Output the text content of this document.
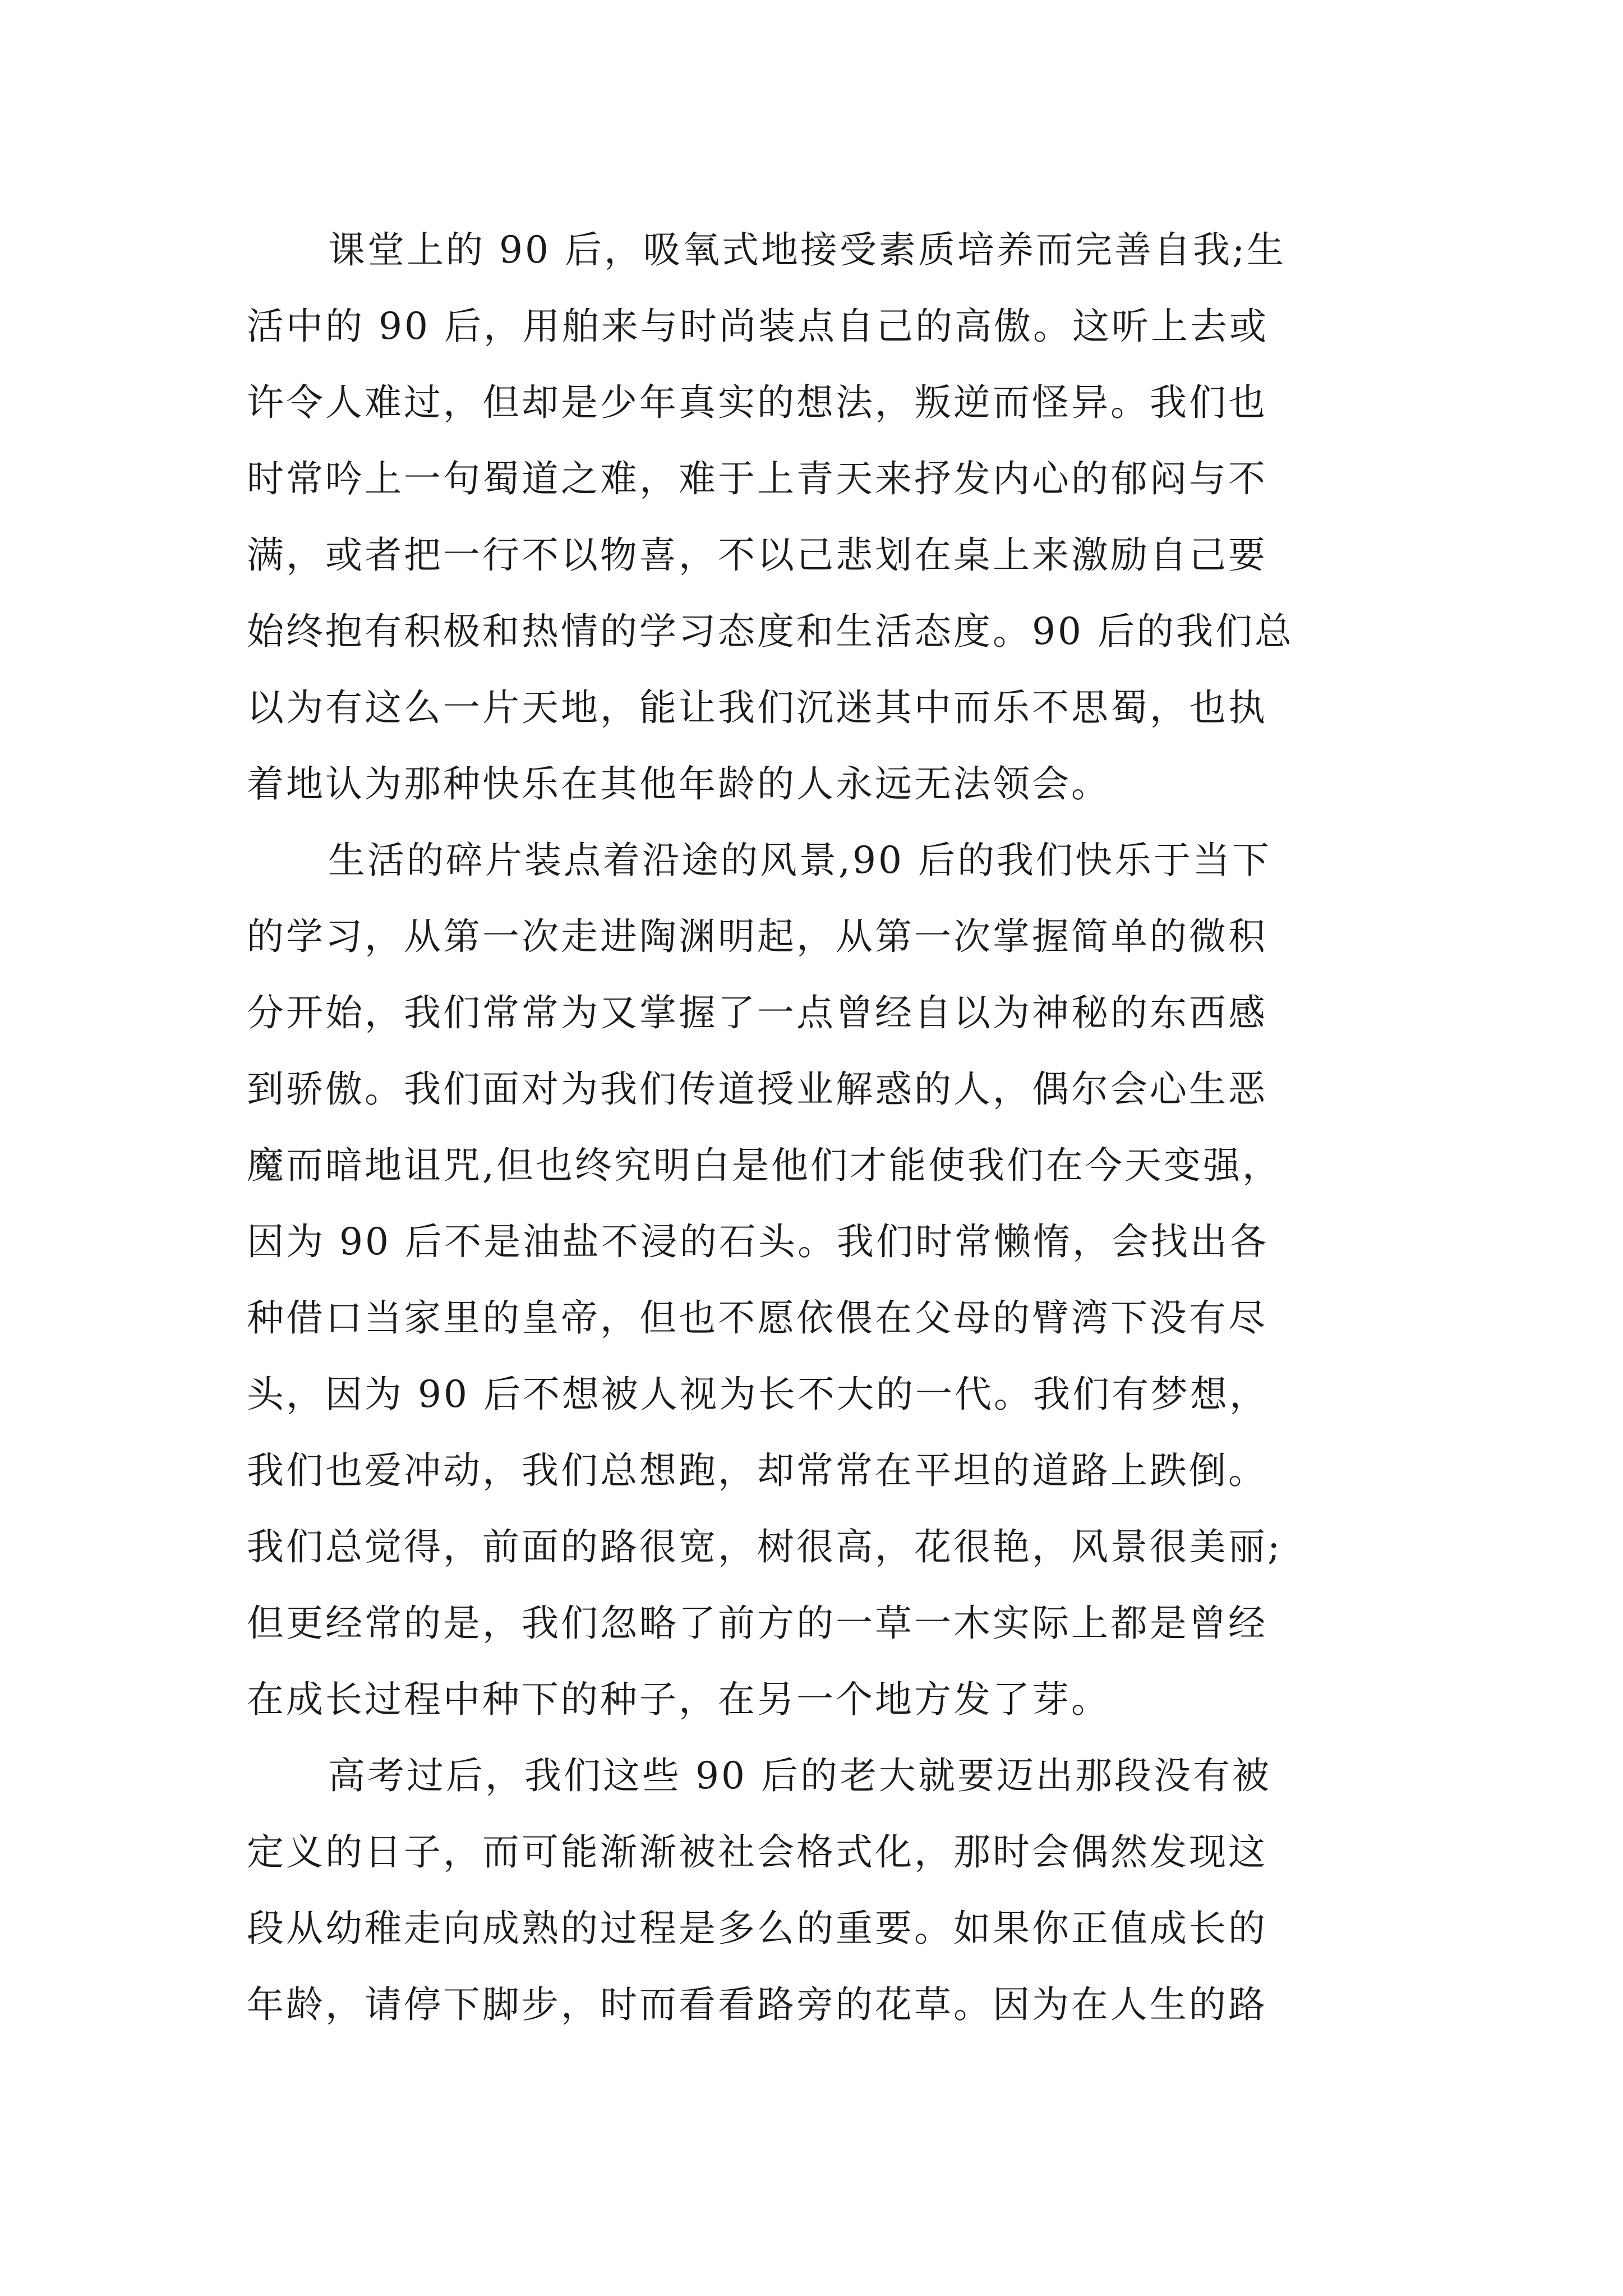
课堂上的 90 后，吸氧式地接受素质培养而完善自我;生
活中的 90 后，用舶来与时尚装点自己的高傲。这听上去或
许令人难过，但却是少年真实的想法，叛逆而怪异。我们也
时常吟上一句蜀道之难，难于上青天来抒发内心的郁闷与不
满，或者把一行不以物喜，不以己悲划在桌上来激励自己要
始终抱有积极和热情的学习态度和生活态度。90 后的我们总
以为有这么一片天地，能让我们沉迷其中而乐不思蜀，也执
着地认为那种快乐在其他年龄的人永远无法领会。
生活的碎片装点着沿途的风景,90 后的我们快乐于当下
的学习，从第一次走进陶渊明起，从第一次掌握简单的微积
分开始，我们常常为又掌握了一点曾经自以为神秘的东西感
到骄傲。我们面对为我们传道授业解惑的人，偶尔会心生恶
魔而暗地诅咒,但也终究明白是他们才能使我们在今天变强，
因为 90 后不是油盐不浸的石头。我们时常懒惰，会找出各
种借口当家里的皇帝，但也不愿依偎在父母的臂湾下没有尽
头，因为 90 后不想被人视为长不大的一代。我们有梦想，
我们也爱冲动，我们总想跑，却常常在平坦的道路上跌倒。
我们总觉得，前面的路很宽，树很高，花很艳，风景很美丽;
但更经常的是，我们忽略了前方的一草一木实际上都是曾经
在成长过程中种下的种子，在另一个地方发了芽。
高考过后，我们这些 90 后的老大就要迈出那段没有被
定义的日子，而可能渐渐被社会格式化，那时会偶然发现这
段从幼稚走向成熟的过程是多么的重要。如果你正值成长的
年龄，请停下脚步，时而看看路旁的花草。因为在人生的路
